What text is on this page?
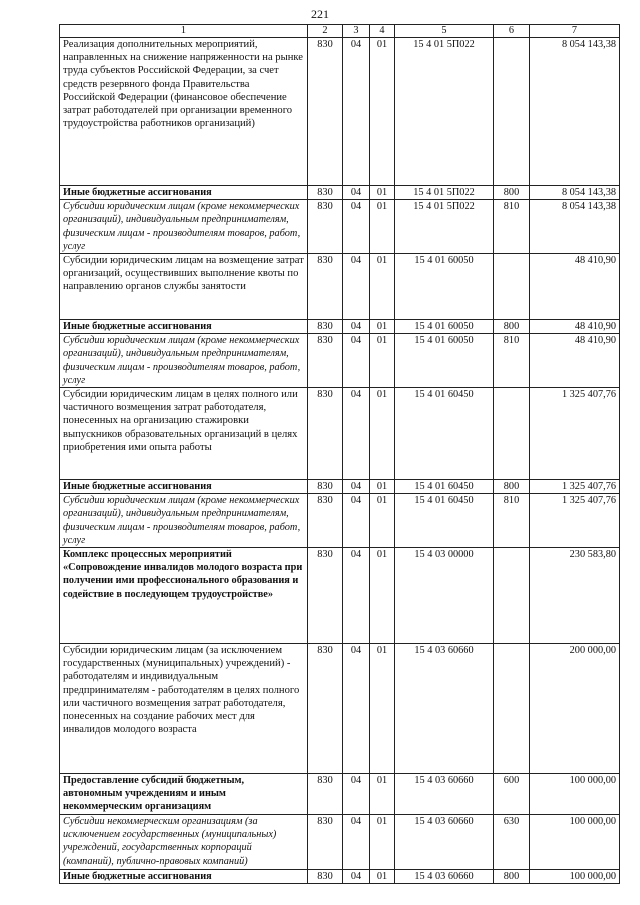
221
1	2	3	4	5	6	7
Реализация дополнительных мероприятий, направленных на снижение напряженности на рынке труда субъектов Российской Федерации, за счет средств резервного фонда Правительства Российской Федерации (финансовое обеспечение затрат работодателей при организации временного трудоустройства работников организаций)	830	04	01	15 4 01 5П022		8 054 143,38
Иные бюджетные ассигнования	830	04	01	15 4 01 5П022	800	8 054 143,38
Субсидии юридическим лицам (кроме некоммерческих организаций), индивидуальным предпринимателям, физическим лицам - производителям товаров, работ, услуг	830	04	01	15 4 01 5П022	810	8 054 143,38
Субсидии юридическим лицам на возмещение затрат организаций, осуществивших выполнение квоты по направлению органов службы занятости	830	04	01	15 4 01 60050		48 410,90
Иные бюджетные ассигнования	830	04	01	15 4 01 60050	800	48 410,90
Субсидии юридическим лицам (кроме некоммерческих организаций), индивидуальным предпринимателям, физическим лицам - производителям товаров, работ, услуг	830	04	01	15 4 01 60050	810	48 410,90
Субсидии юридическим лицам в целях полного или частичного возмещения затрат работодателя, понесенных на организацию стажировки выпускников образовательных организаций в целях приобретения ими опыта работы	830	04	01	15 4 01 60450		1 325 407,76
Иные бюджетные ассигнования	830	04	01	15 4 01 60450	800	1 325 407,76
Субсидии юридическим лицам (кроме некоммерческих организаций), индивидуальным предпринимателям, физическим лицам - производителям товаров, работ, услуг	830	04	01	15 4 01 60450	810	1 325 407,76
Комплекс процессных мероприятий «Сопровождение инвалидов молодого возраста при получении ими профессионального образования и содействие в последующем трудоустройстве»	830	04	01	15 4 03 00000		230 583,80
Субсидии юридическим лицам (за исключением государственных (муниципальных) учреждений) - работодателям и индивидуальным предпринимателям - работодателям в целях полного или частичного возмещения затрат работодателя, понесенных на создание рабочих мест для инвалидов молодого возраста	830	04	01	15 4 03 60660		200 000,00
Предоставление субсидий бюджетным, автономным учреждениям и иным некоммерческим организациям	830	04	01	15 4 03 60660	600	100 000,00
Субсидии некоммерческим организациям (за исключением государственных (муниципальных) учреждений, государственных корпораций (компаний), публично-правовых компаний)	830	04	01	15 4 03 60660	630	100 000,00
Иные бюджетные ассигнования	830	04	01	15 4 03 60660	800	100 000,00
